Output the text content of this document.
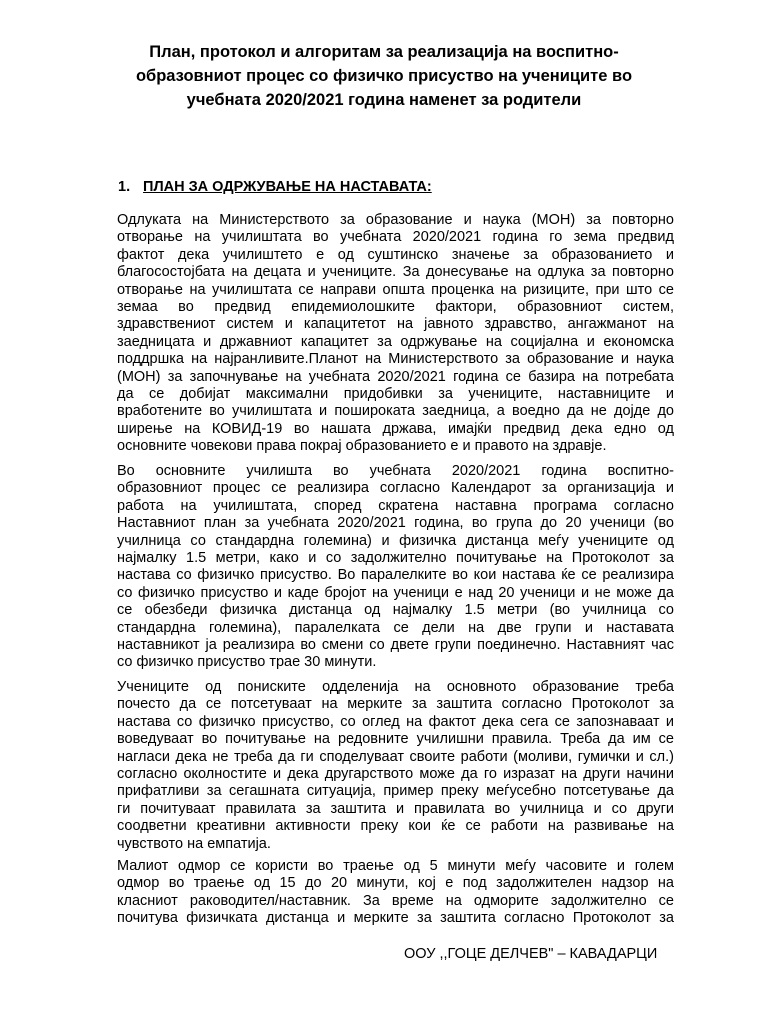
План, протокол и алгоритам за реализација на воспитно-
образовниот процес со физичко присуство на учениците во
учебната 2020/2021 година наменет за родители
1. ПЛАН ЗА ОДРЖУВАЊЕ НА НАСТАВАТА:
Одлуката на Министерството за образование и наука (МОН) за повторно
отворање на училиштата во учебната 2020/2021 година го зема предвид
фактот дека училиштето е од суштинско значење за образованието и
благосостојбата на децата и учениците. За донесување на одлука за повторно
отворање на училиштата се направи општа проценка на ризиците, при што се
земаа во предвид епидемиолошките фактори, образовниот систем,
здравствениот систем и капацитетот на јавното здравство, ангажманот на
заедницата и државниот капацитет за одржување на социјална и економска
поддршка на најранливите.Планот на Министерството за образование и наука
(МОН) за започнување на учебната 2020/2021 година се базира на потребата
да се добијат максимални придобивки за учениците, наставниците и
вработените во училиштата и пошироката заедница, а воедно да не дојде до
ширење на КОВИД-19 во нашата држава, имајќи предвид дека едно од
основните човекови права покрај образованието е и правото на здравје.
Во основните училишта во учебната 2020/2021 година воспитно-
образовниот процес се реализира согласно Календарот за организација и
работа на училиштата, според скратена наставна програма согласно
Наставниот план за учебната 2020/2021 година, во група до 20 ученици (во
училница со стандардна големина) и физичка дистанца меѓу учениците од
најмалку 1.5 метри, како и со задолжително почитување на Протоколот за
настава со физичко присуство. Во паралелките во кои настава ќе се реализира
со физичко присуство и каде бројот на ученици е над 20 ученици и не може да
се обезбеди физичка дистанца од најмалку 1.5 метри (во училница со
стандардна големина), паралелката се дели на две групи и наставата
наставникот ја реализира во смени со двете групи поединечно. Наставният час
со физичко присуство трае 30 минути.
Учениците од пониските одделенија на основното образование треба
почесто да се потсетуваат на мерките за заштита согласно Протоколот за
настава со физичко присуство, со оглед на фактот дека сега се запознаваат и
воведуваат во почитување на редовните училишни правила. Треба да им се
нагласи дека не треба да ги споделуваат своите работи (моливи, гумички и сл.)
согласно околностите и дека другарството може да го изразат на други начини
прифатливи за сегашната ситуација, пример преку меѓусебно потсетување да
ги почитуваат правилата за заштита и правилата во училница и со други
соодветни креативни активности преку кои ќе се работи на развивање на
чувството на емпатија.
Малиот одмор се користи во траење од 5 минути меѓу часовите и голем
одмор во траење од 15 до 20 минути, кој е под задолжителен надзор на
класниот раководител/наставник. За време на одморите задолжително се
почитува физичката дистанца и мерките за заштита согласно Протоколот за
ООУ ,,ГОЦЕ ДЕЛЧЕВ" – КАВАДАРЦИ
